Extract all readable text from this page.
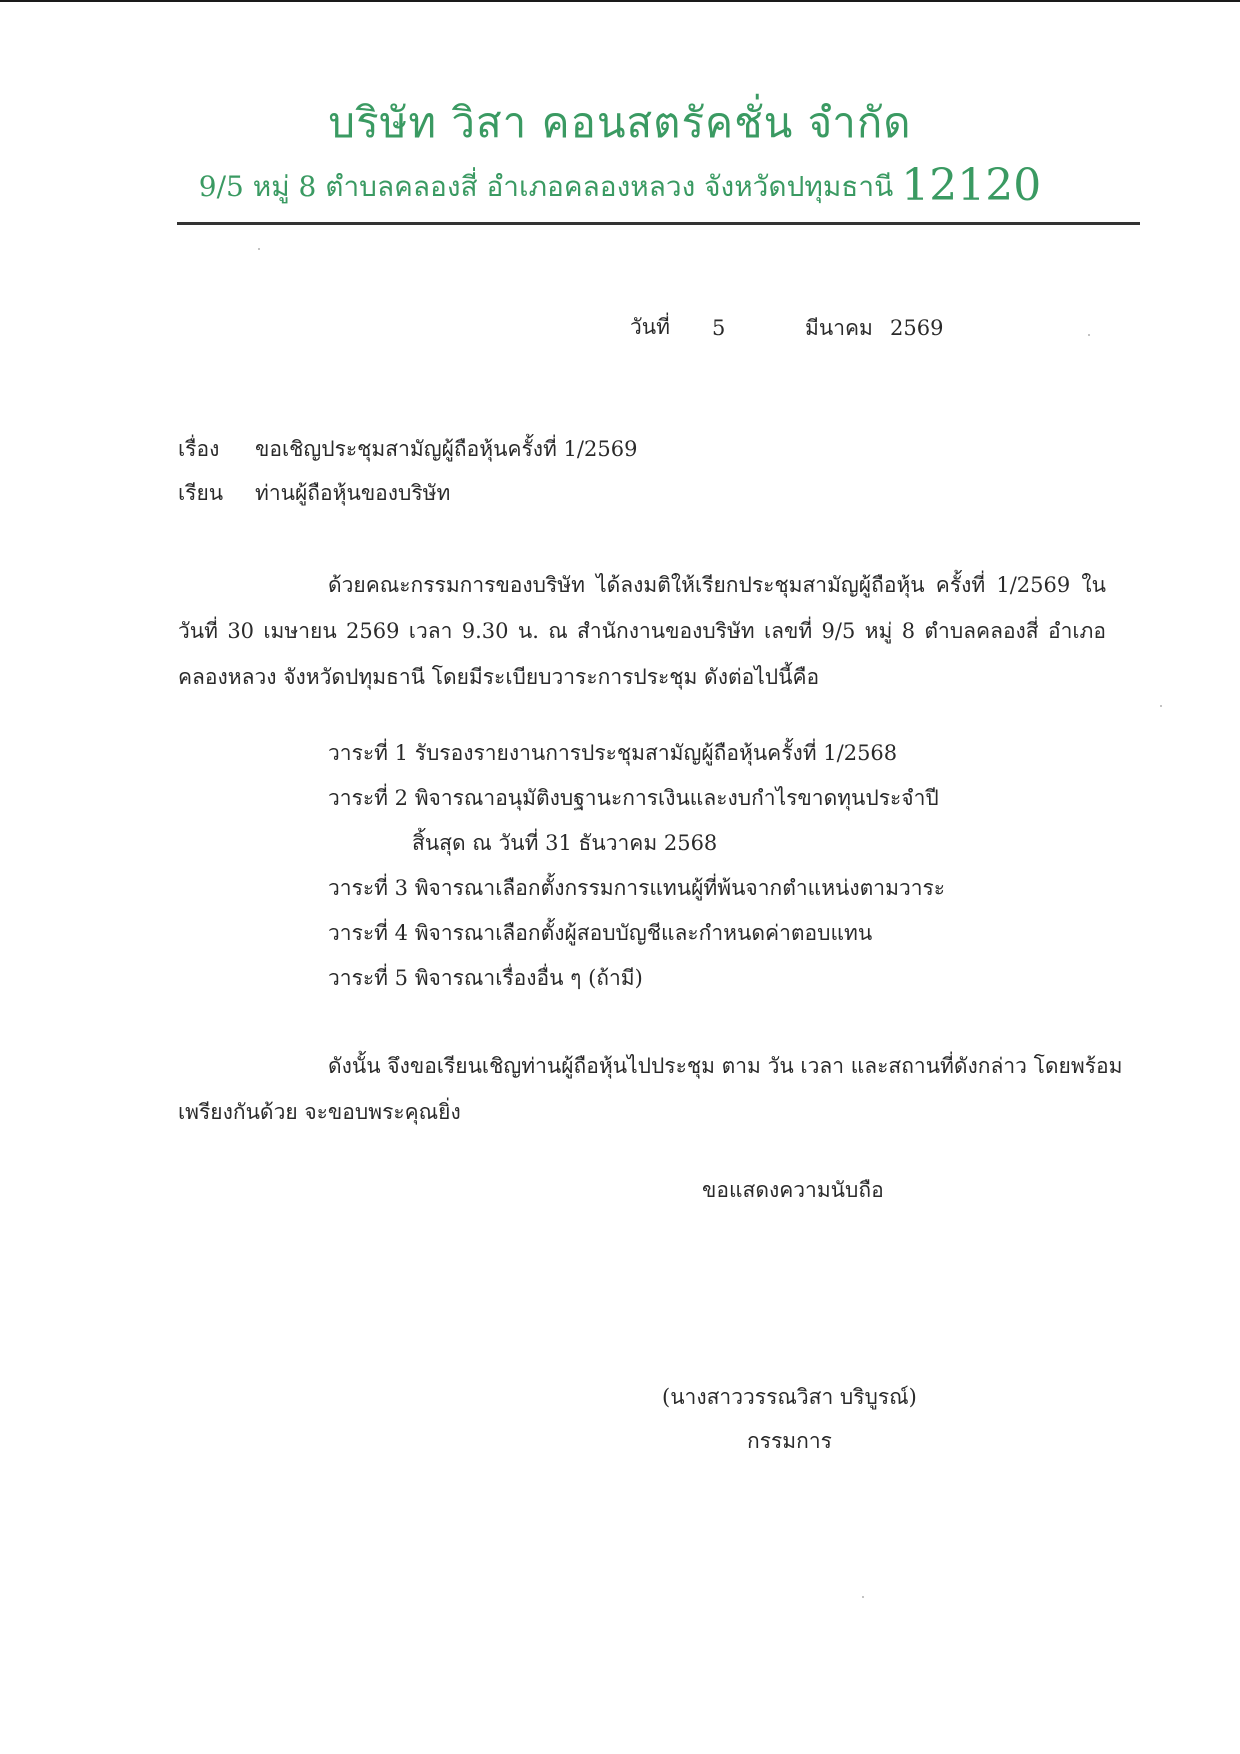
บริษัท วิสา คอนสตรัคชั่น จำกัด
9/5 หมู่ 8 ตำบลคลองสี่ อำเภอคลองหลวง จังหวัดปทุมธานี 12120
วันที่ 5	มีนาคม 2569
เรื่อง ขอเชิญประชุมสามัญผู้ถือหุ้นครั้งที่ 1/2569
เรียน ท่านผู้ถือหุ้นของบริษัท
ด้วยคณะกรรมการของบริษัท ได้ลงมติให้เรียกประชุมสามัญผู้ถือหุ้น ครั้งที่ 1/2569 ใน วันที่ 30 เมษายน 2569 เวลา 9.30 น. ณ สำนักงานของบริษัท เลขที่ 9/5 หมู่ 8 ตำบลคลองสี่ อำเภอคลองหลวง จังหวัดปทุมธานี โดยมีระเบียบวาระการประชุม ดังต่อไปนี้คือ
วาระที่ 1 รับรองรายงานการประชุมสามัญผู้ถือหุ้นครั้งที่ 1/2568
วาระที่ 2 พิจารณาอนุมัติงบฐานะการเงินและงบกำไรขาดทุนประจำปี
สิ้นสุด ณ วันที่ 31 ธันวาคม 2568
วาระที่ 3 พิจารณาเลือกตั้งกรรมการแทนผู้ที่พ้นจากตำแหน่งตามวาระ
วาระที่ 4 พิจารณาเลือกตั้งผู้สอบบัญชีและกำหนดค่าตอบแทน
วาระที่ 5 พิจารณาเรื่องอื่น ๆ (ถ้ามี)
ดังนั้น จึงขอเรียนเชิญท่านผู้ถือหุ้นไปประชุม ตาม วัน เวลา และสถานที่ดังกล่าว โดยพร้อม เพรียงกันด้วย จะขอบพระคุณยิ่ง
ขอแสดงความนับถือ
(นางสาววรรณวิสา บริบูรณ์)
กรรมการ
